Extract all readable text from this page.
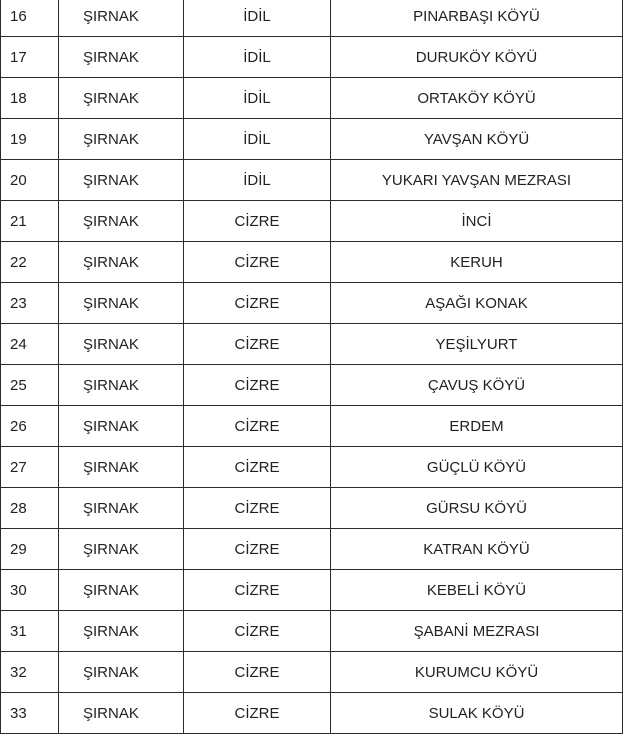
16	ŞIRNAK	İDİL	PINARBAŞI KÖYÜ
17	ŞIRNAK	İDİL	DURUKÖY KÖYÜ
18	ŞIRNAK	İDİL	ORTAKÖY KÖYÜ
19	ŞIRNAK	İDİL	YAVŞAN KÖYÜ
20	ŞIRNAK	İDİL	YUKARI YAVŞAN MEZRASI
21	ŞIRNAK	CİZRE	İNCİ
22	ŞIRNAK	CİZRE	KERUH
23	ŞIRNAK	CİZRE	AŞAĞI KONAK
24	ŞIRNAK	CİZRE	YEŞİLYURT
25	ŞIRNAK	CİZRE	ÇAVUŞ KÖYÜ
26	ŞIRNAK	CİZRE	ERDEM
27	ŞIRNAK	CİZRE	GÜÇLÜ KÖYÜ
28	ŞIRNAK	CİZRE	GÜRSU KÖYÜ
29	ŞIRNAK	CİZRE	KATRAN KÖYÜ
30	ŞIRNAK	CİZRE	KEBELİ KÖYÜ
31	ŞIRNAK	CİZRE	ŞABANİ MEZRASI
32	ŞIRNAK	CİZRE	KURUMCU KÖYÜ
33	ŞIRNAK	CİZRE	SULAK KÖYÜ
